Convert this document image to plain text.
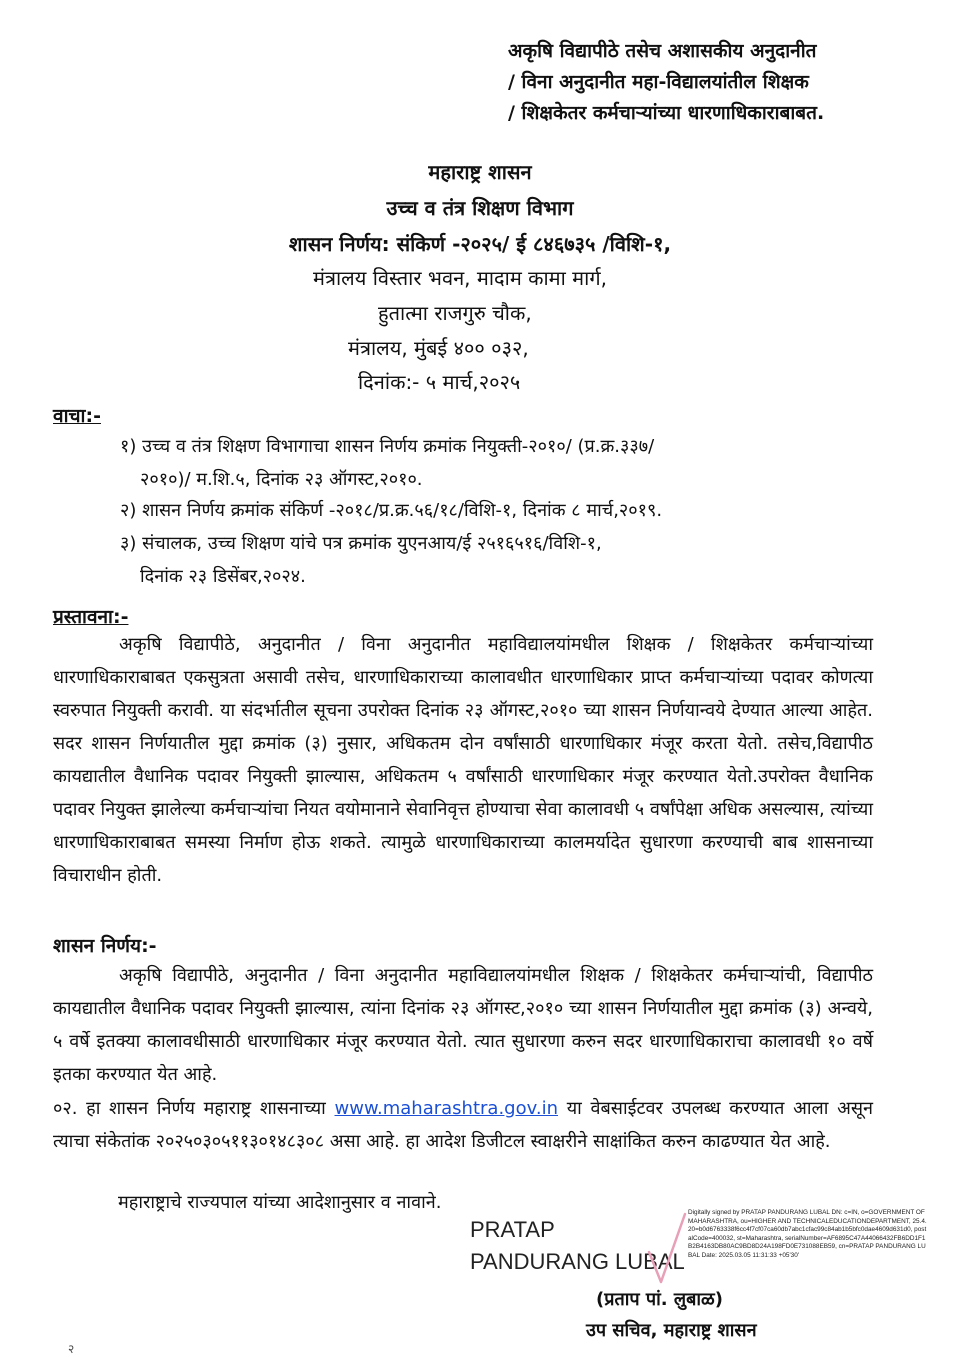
अकृषि विद्यापीठे तसेच अशासकीय अनुदानीत
/ विना अनुदानीत महा-विद्यालयांतील शिक्षक
/ शिक्षकेतर कर्मचाऱ्यांच्या धारणाधिकाराबाबत.
महाराष्ट्र शासन
उच्च व तंत्र शिक्षण विभाग
शासन निर्णय: संकिर्ण -२०२५/ ई ८४६७३५ /विशि-१,
मंत्रालय विस्तार भवन, मादाम कामा मार्ग,
हुतात्मा राजगुरु चौक,
मंत्रालय, मुंबई ४०० ०३२,
दिनांक:- ५ मार्च,२०२५
वाचा:-
१) उच्च व तंत्र शिक्षण विभागाचा शासन निर्णय क्रमांक नियुक्ती-२०१०/ (प्र.क्र.३३७/
२०१०)/ म.शि.५, दिनांक २३ ऑगस्ट,२०१०.
२) शासन निर्णय क्रमांक संकिर्ण -२०१८/प्र.क्र.५६/१८/विशि-१, दिनांक ८ मार्च,२०१९.
३) संचालक, उच्च शिक्षण यांचे पत्र क्रमांक युएनआय/ई २५१६५१६/विशि-१,
दिनांक २३ डिसेंबर,२०२४.
प्रस्तावना:-

अकृषि विद्यापीठे, अनुदानीत / विना अनुदानीत महाविद्यालयांमधील शिक्षक / शिक्षकेतर कर्मचाऱ्यांच्या धारणाधिकाराबाबत एकसुत्रता असावी तसेच, धारणाधिकाराच्या कालावधीत धारणाधिकार प्राप्त कर्मचाऱ्यांच्या पदावर कोणत्या स्वरुपात नियुक्ती करावी. या संदर्भातील सूचना उपरोक्त दिनांक २३ ऑगस्ट,२०१० च्या शासन निर्णयान्वये देण्यात आल्या आहेत. सदर शासन निर्णयातील मुद्दा क्रमांक (३) नुसार, अधिकतम दोन वर्षांसाठी धारणाधिकार मंजूर करता येतो. तसेच,विद्यापीठ कायद्यातील वैधानिक पदावर नियुक्ती झाल्यास, अधिकतम ५ वर्षांसाठी धारणाधिकार मंजूर करण्यात येतो.उपरोक्त वैधानिक पदावर नियुक्त झालेल्या कर्मचाऱ्यांचा नियत वयोमानाने सेवानिवृत्त होण्याचा सेवा कालावधी ५ वर्षांपेक्षा अधिक असल्यास, त्यांच्या धारणाधिकाराबाबत समस्या निर्माण होऊ शकते. त्यामुळे धारणाधिकाराच्या कालमर्यादेत सुधारणा करण्याची बाब शासनाच्या विचाराधीन होती.

शासन निर्णय:-

अकृषि विद्यापीठे, अनुदानीत / विना अनुदानीत महाविद्यालयांमधील शिक्षक / शिक्षकेतर कर्मचाऱ्यांची, विद्यापीठ कायद्यातील वैधानिक पदावर नियुक्ती झाल्यास, त्यांना दिनांक २३ ऑगस्ट,२०१० च्या शासन निर्णयातील मुद्दा क्रमांक (३) अन्वये, ५ वर्षे इतक्या कालावधीसाठी धारणाधिकार मंजूर करण्यात येतो. त्यात सुधारणा करुन सदर धारणाधिकाराचा कालावधी १० वर्षे इतका करण्यात येत आहे.

०२. हा शासन निर्णय महाराष्ट्र शासनाच्या www.maharashtra.gov.in या वेबसाईटवर उपलब्ध करण्यात आला असून त्याचा संकेतांक २०२५०३०५११३०१४८३०८ असा आहे. हा आदेश डिजीटल स्वाक्षरीने साक्षांकित करुन काढण्यात येत आहे.

महाराष्ट्राचे राज्यपाल यांच्या आदेशानुसार व नावाने.
PRATAP
PANDURANG LUBAL
Digitally signed by PRATAP PANDURANG LUBAL DN: c=IN, o=GOVERNMENT OF MAHARASHTRA, ou=HIGHER AND TECHNICALEDUCATIONDEPARTMENT, 25.4.20=b0d6763338f6cc4f7cf07ca60db7abc1cfac99c84ab1b5bfc0dae4609d631d0, postalCode=400032, st=Maharashtra, serialNumber=AF6895C47A44066432FB6DD1F1B2B4163DB80AC9BD8D24A198FD0E731088EB59, cn=PRATAP PANDURANG LUBAL Date: 2025.03.05 11:31:33 +05'30'
(प्रताप पां. लुबाळ)
उप सचिव, महाराष्ट्र शासन
२
